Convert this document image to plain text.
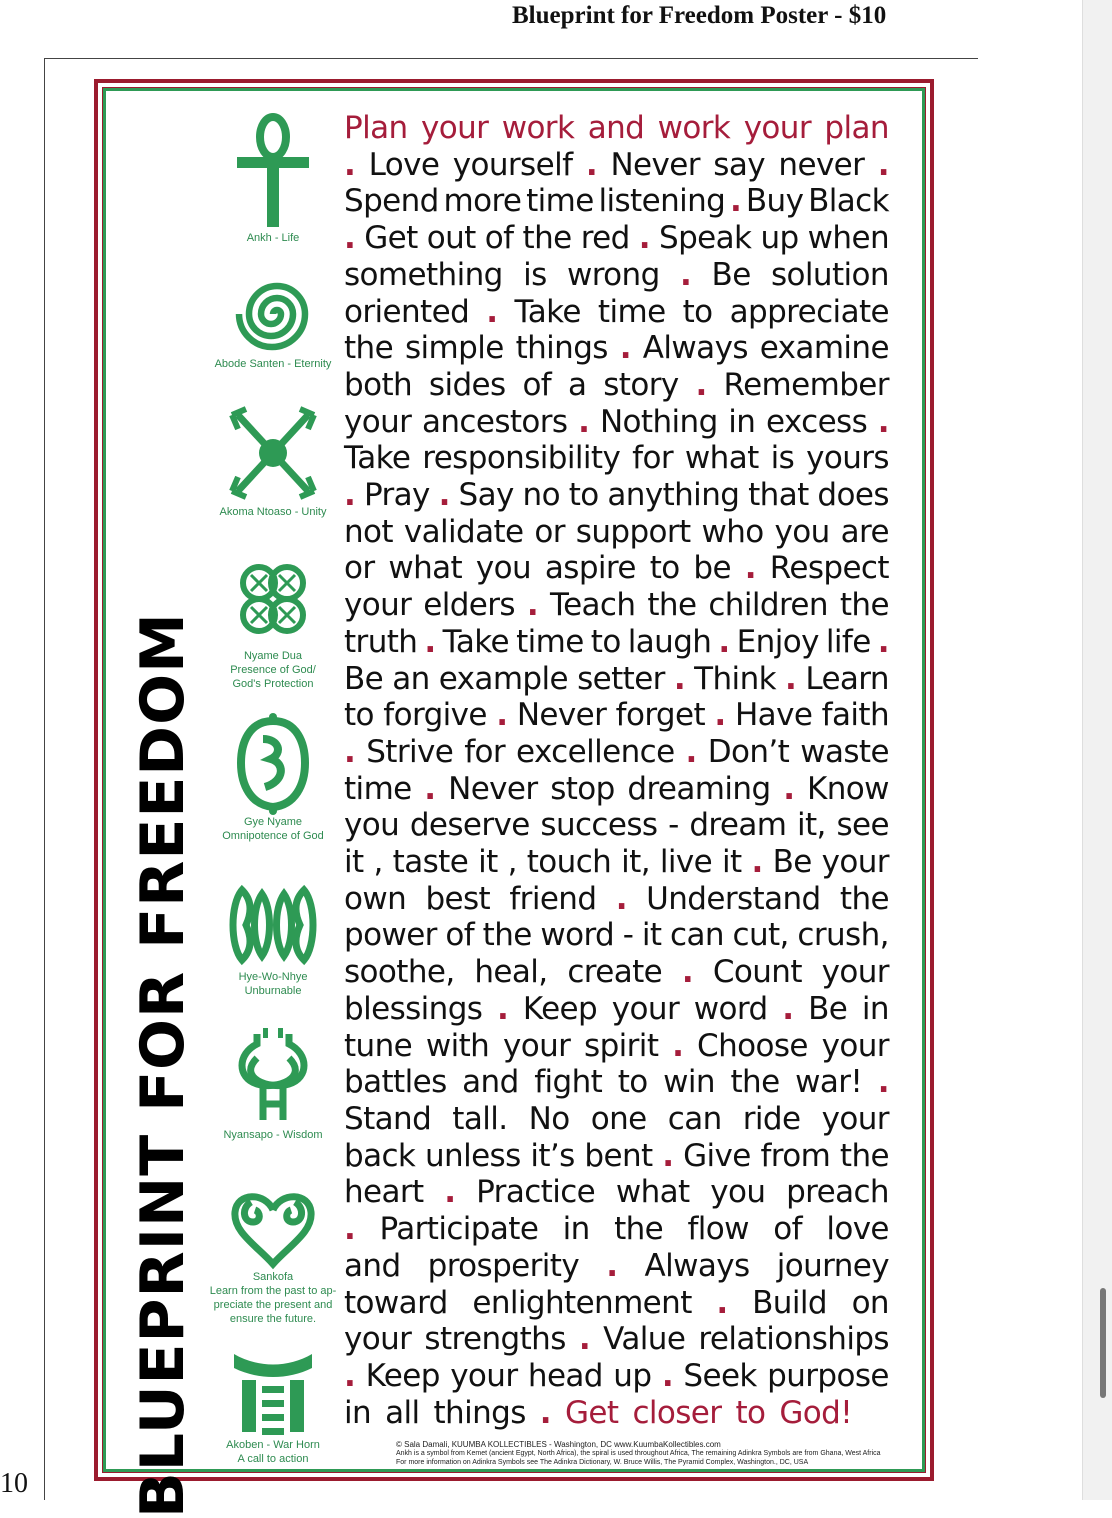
Blueprint for Freedom Poster - $10
10 BLUEPRINT FOR FREEDOM
Ankh - Life
Abode Santen - Eternity
Akoma Ntoaso - Unity
Nyame Dua
Presence of God/
God's Protection
Gye Nyame
Omnipotence of God
Hye-Wo-Nhye
Unburnable
Nyansapo - Wisdom
Sankofa
Learn from the past to ap-
preciate the present and
ensure the future.
Akoben - War Horn
A call to action
© Sala Damali, KUUMBA KOLLECTIBLES - Washington, DC www.KuumbaKollectibles.com
Ankh is a symbol from Kemet (ancient Egypt, North Africa), the spiral is used throughout Africa, The remaining Adinkra Symbols are from Ghana, West Africa
For more information on Adinkra Symbols see The Adinkra Dictionary, W. Bruce Willis, The Pyramid Complex, Washington., DC, USA
Plan your work and work your plan
. Love yourself . Never say never .
Spend more time listening . Buy Black
. Get out of the red . Speak up when
something is wrong . Be solution
oriented . Take time to appreciate
the simple things . Always examine
both sides of a story . Remember
your ancestors . Nothing in excess .
Take responsibility for what is yours
. Pray . Say no to anything that does
not validate or support who you are
or what you aspire to be . Respect
your elders . Teach the children the
truth . Take time to laugh . Enjoy life .
Be an example setter . Think . Learn
to forgive . Never forget . Have faith
. Strive for excellence . Don’t waste
time . Never stop dreaming . Know
you deserve success - dream it, see
it , taste it , touch it, live it . Be your
own best friend . Understand the
power of the word - it can cut, crush,
soothe, heal, create . Count your
blessings . Keep your word . Be in
tune with your spirit . Choose your
battles and fight to win the war! .
Stand tall. No one can ride your
back unless it’s bent . Give from the
heart . Practice what you preach
. Participate in the flow of love
and prosperity . Always journey
toward enlightenment . Build on
your strengths . Value relationships
. Keep your head up . Seek purpose
in all things . Get closer to God!
